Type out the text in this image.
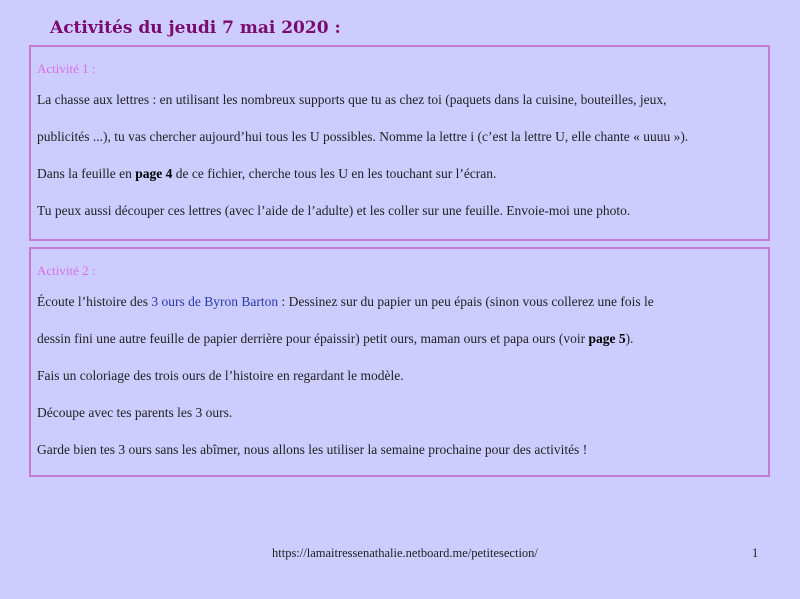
Activités du jeudi 7 mai 2020 :
Activité 1 :
La chasse aux lettres : en utilisant les nombreux supports que tu as chez toi (paquets dans la cuisine, bouteilles, jeux,
publicités ...), tu vas chercher aujourd’hui tous les U possibles. Nomme la lettre i (c’est la lettre U, elle chante « uuuu »).
Dans la feuille en page 4 de ce fichier, cherche tous les U en les touchant sur l’écran.
Tu peux aussi découper ces lettres (avec l’aide de l’adulte) et les coller sur une feuille. Envoie-moi une photo.
Activité 2 :
Écoute l’histoire des 3 ours de Byron Barton : Dessinez sur du papier un peu épais (sinon vous collerez une fois le
dessin fini une autre feuille de papier derrière pour épaissir) petit ours, maman ours et papa ours (voir page 5).
Fais un coloriage des trois ours de l’histoire en regardant le modèle.
Découpe avec tes parents les 3 ours.
Garde bien tes 3 ours sans les abîmer, nous allons les utiliser la semaine prochaine pour des activités !
https://lamaitressenathalie.netboard.me/petitesection/	1
